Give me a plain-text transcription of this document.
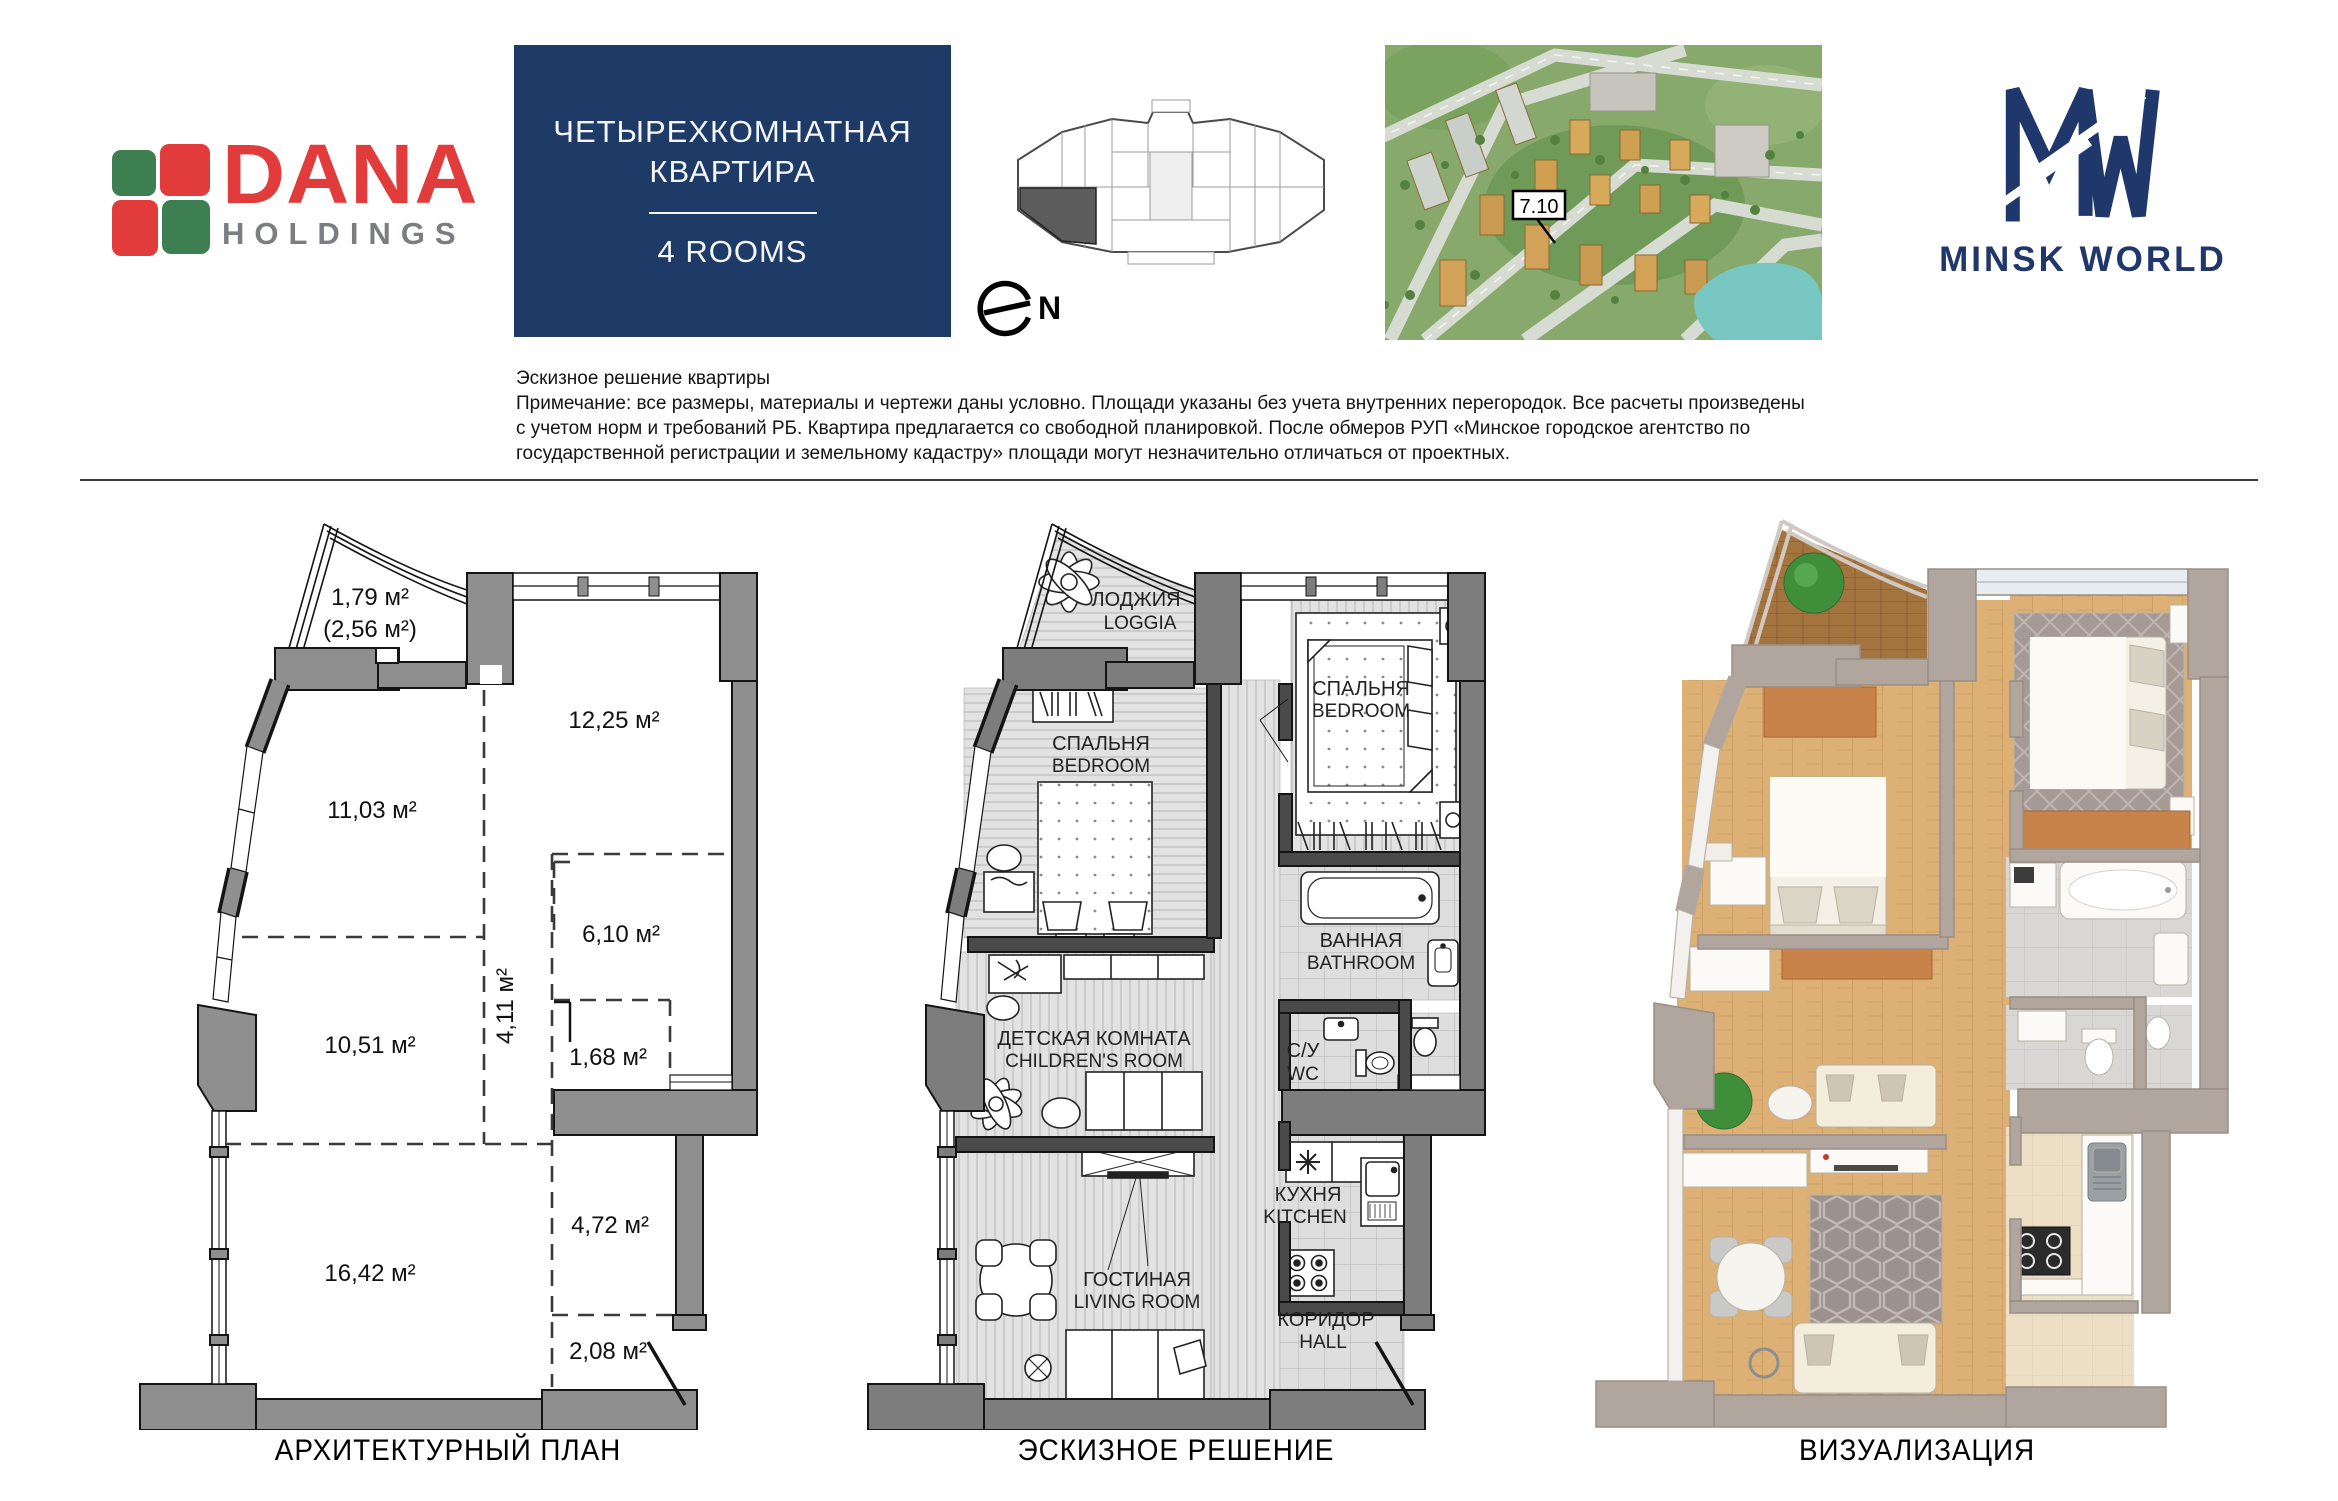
DANA
HOLDINGS
ЧЕТЫРЕХКОМНАТНАЯ
КВАРТИРА
4 ROOMS
N
7.10
MINSK WORLD
Эскизное решение квартиры
Примечание: все размеры, материалы и чертежи даны условно. Площади указаны без учета внутренних перегородок. Все расчеты произведены
с учетом норм и требований РБ. Квартира предлагается со свободной планировкой. После обмеров РУП «Минское городское агентство по
государственной регистрации и земельному кадастру» площади могут незначительно отличаться от проектных.
1,79 м²
(2,56 м²)
12,25 м²
11,03 м²
6,10 м²
1,68 м²
10,51 м²
4,72 м²
16,42 м²
2,08 м²
4,11 м²
АРХИТЕКТУРНЫЙ ПЛАН
ЛОДЖИЯ
LOGGIA
СПАЛЬНЯ
BEDROOM
СПАЛЬНЯ
BEDROOM
ВАННАЯ
BATHROOM
С/У
WC
ДЕТСКАЯ КОМНАТА
CHILDREN'S ROOM
КУХНЯ
KITCHEN
ГОСТИНАЯ
LIVING ROOM
КОРИДОР
HALL
ЭСКИЗНОЕ РЕШЕНИЕ	ВИЗУАЛИЗАЦИЯ
